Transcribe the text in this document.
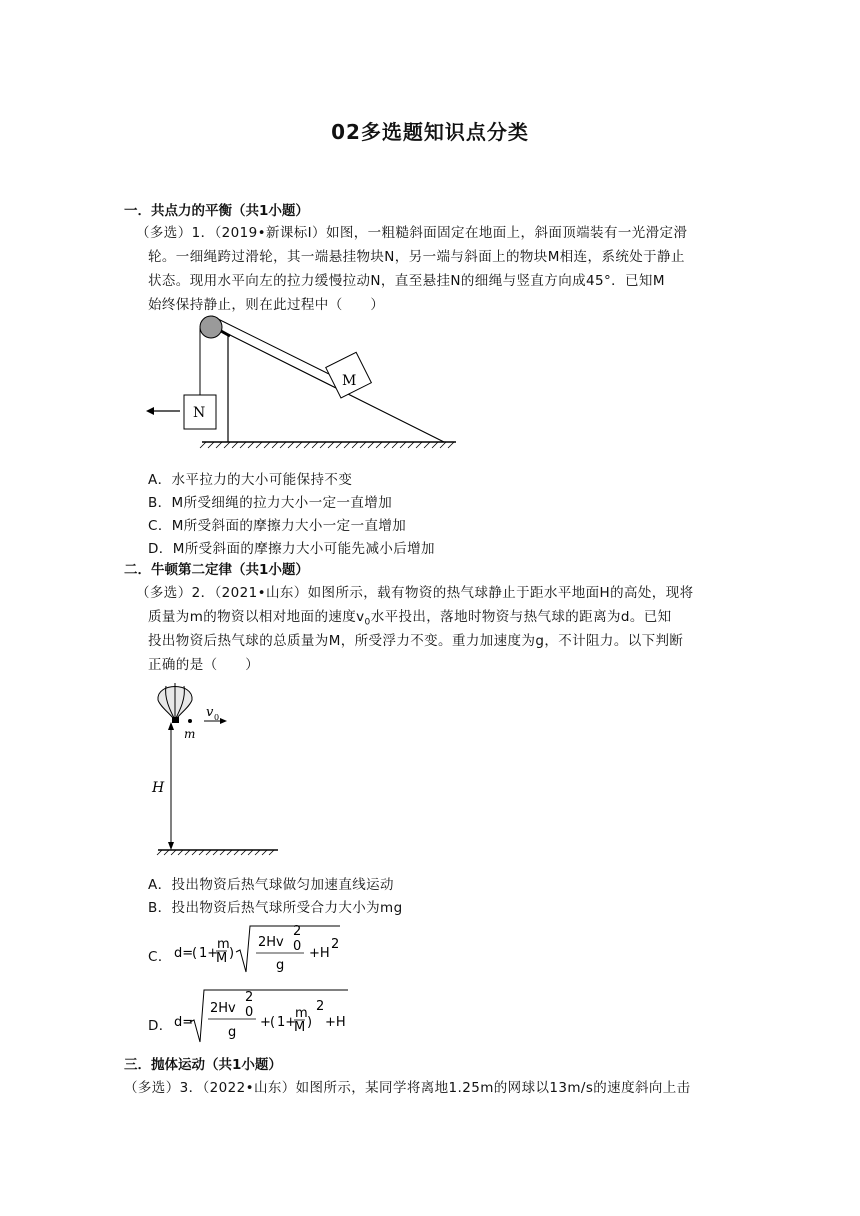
02多选题知识点分类
一．共点力的平衡（共1小题）
（多选）1．（2019•新课标Ⅰ）如图，一粗糙斜面固定在地面上，斜面顶端装有一光滑定滑
轮。一细绳跨过滑轮，其一端悬挂物块N，另一端与斜面上的物块M相连，系统处于静止
状态。现用水平向左的拉力缓慢拉动N，直至悬挂N的细绳与竖直方向成45°．已知M
始终保持静止，则在此过程中（　　）
M
N
A．水平拉力的大小可能保持不变
B．M所受细绳的拉力大小一定一直增加
C．M所受斜面的摩擦力大小一定一直增加
D．M所受斜面的摩擦力大小可能先减小后增加
二．牛顿第二定律（共1小题）
（多选）2．（2021•山东）如图所示，载有物资的热气球静止于距水平地面H的高处，现将
质量为m的物资以相对地面的速度$v_0$水平投出，落地时物资与热气球的距离为d。已知
投出物资后热气球的总质量为M，所受浮力不变。重力加速度为g，不计阻力。以下判断
正确的是（　　）
m
v 0
H
A．投出物资后热气球做匀加速直线运动
B．投出物资后热气球所受合力大小为mg
C． d=
( 1+
m
M )
2Hv
2
0
g
+H
2
D． d=
2Hv
2
0
g
+ ( 1+
m
M )
2
+H
三．抛体运动（共1小题）
（多选）3．（2022•山东）如图所示，某同学将离地1.25m的网球以13m/s的速度斜向上击
